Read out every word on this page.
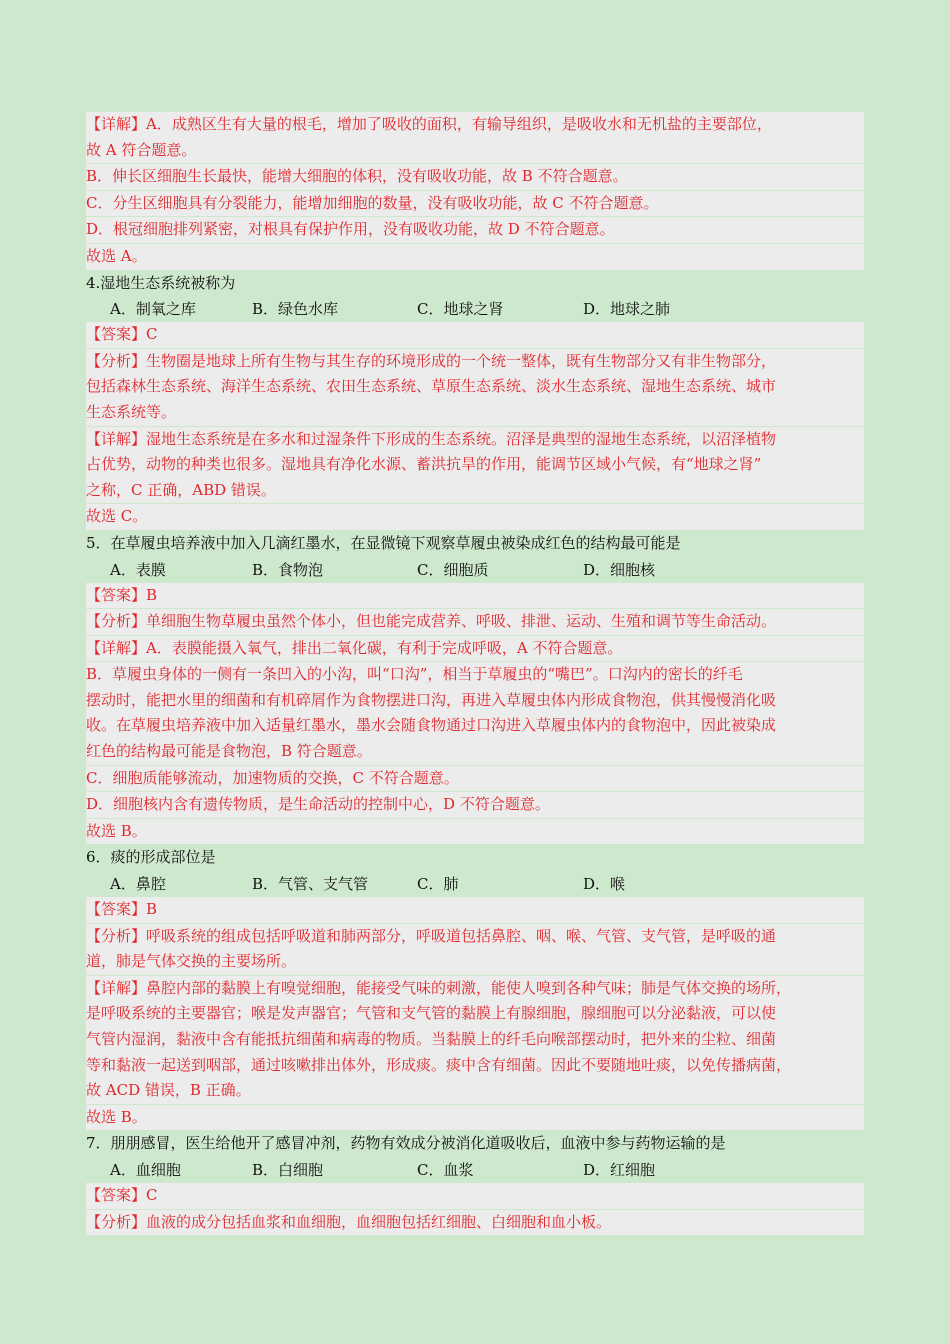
【详解】A．成熟区生有大量的根毛，增加了吸收的面积，有输导组织，是吸收水和无机盐的主要部位，
故 A 符合题意。
B．伸长区细胞生长最快，能增大细胞的体积，没有吸收功能，故 B 不符合题意。
C．分生区细胞具有分裂能力，能增加细胞的数量，没有吸收功能，故 C 不符合题意。
D．根冠细胞排列紧密，对根具有保护作用，没有吸收功能，故 D 不符合题意。
故选 A。
4.湿地生态系统被称为
A．制氧之库	B．绿色水库	C．地球之肾	D．地球之肺
【答案】C
【分析】生物圈是地球上所有生物与其生存的环境形成的一个统一整体，既有生物部分又有非生物部分，
包括森林生态系统、海洋生态系统、农田生态系统、草原生态系统、淡水生态系统、湿地生态系统、城市
生态系统等。
【详解】湿地生态系统是在多水和过湿条件下形成的生态系统。沼泽是典型的湿地生态系统，以沼泽植物
占优势，动物的种类也很多。湿地具有净化水源、蓄洪抗旱的作用，能调节区域小气候，有“地球之肾”
之称，C 正确，ABD 错误。
故选 C。
5．在草履虫培养液中加入几滴红墨水，在显微镜下观察草履虫被染成红色的结构最可能是
A．表膜	B．食物泡	C．细胞质	D．细胞核
【答案】B
【分析】单细胞生物草履虫虽然个体小，但也能完成营养、呼吸、排泄、运动、生殖和调节等生命活动。
【详解】A．表膜能摄入氧气，排出二氧化碳，有利于完成呼吸，A 不符合题意。
B．草履虫身体的一侧有一条凹入的小沟，叫“口沟”，相当于草履虫的“嘴巴”。口沟内的密长的纤毛
摆动时，能把水里的细菌和有机碎屑作为食物摆进口沟，再进入草履虫体内形成食物泡，供其慢慢消化吸
收。在草履虫培养液中加入适量红墨水，墨水会随食物通过口沟进入草履虫体内的食物泡中，因此被染成
红色的结构最可能是食物泡，B 符合题意。
C．细胞质能够流动，加速物质的交换，C 不符合题意。
D．细胞核内含有遗传物质，是生命活动的控制中心，D 不符合题意。
故选 B。
6．痰的形成部位是
A．鼻腔	B．气管、支气管	C．肺	D．喉
【答案】B
【分析】呼吸系统的组成包括呼吸道和肺两部分，呼吸道包括鼻腔、咽、喉、气管、支气管，是呼吸的通
道，肺是气体交换的主要场所。
【详解】鼻腔内部的黏膜上有嗅觉细胞，能接受气味的刺激，能使人嗅到各种气味；肺是气体交换的场所，
是呼吸系统的主要器官；喉是发声器官；气管和支气管的黏膜上有腺细胞，腺细胞可以分泌黏液，可以使
气管内湿润，黏液中含有能抵抗细菌和病毒的物质。当黏膜上的纤毛向喉部摆动时，把外来的尘粒、细菌
等和黏液一起送到咽部，通过咳嗽排出体外，形成痰。痰中含有细菌。因此不要随地吐痰，以免传播病菌，
故 ACD 错误，B 正确。
故选 B。
7．朋朋感冒，医生给他开了感冒冲剂，药物有效成分被消化道吸收后，血液中参与药物运输的是
A．血细胞	B．白细胞	C．血浆	D．红细胞
【答案】C
【分析】血液的成分包括血浆和血细胞，血细胞包括红细胞、白细胞和血小板。
